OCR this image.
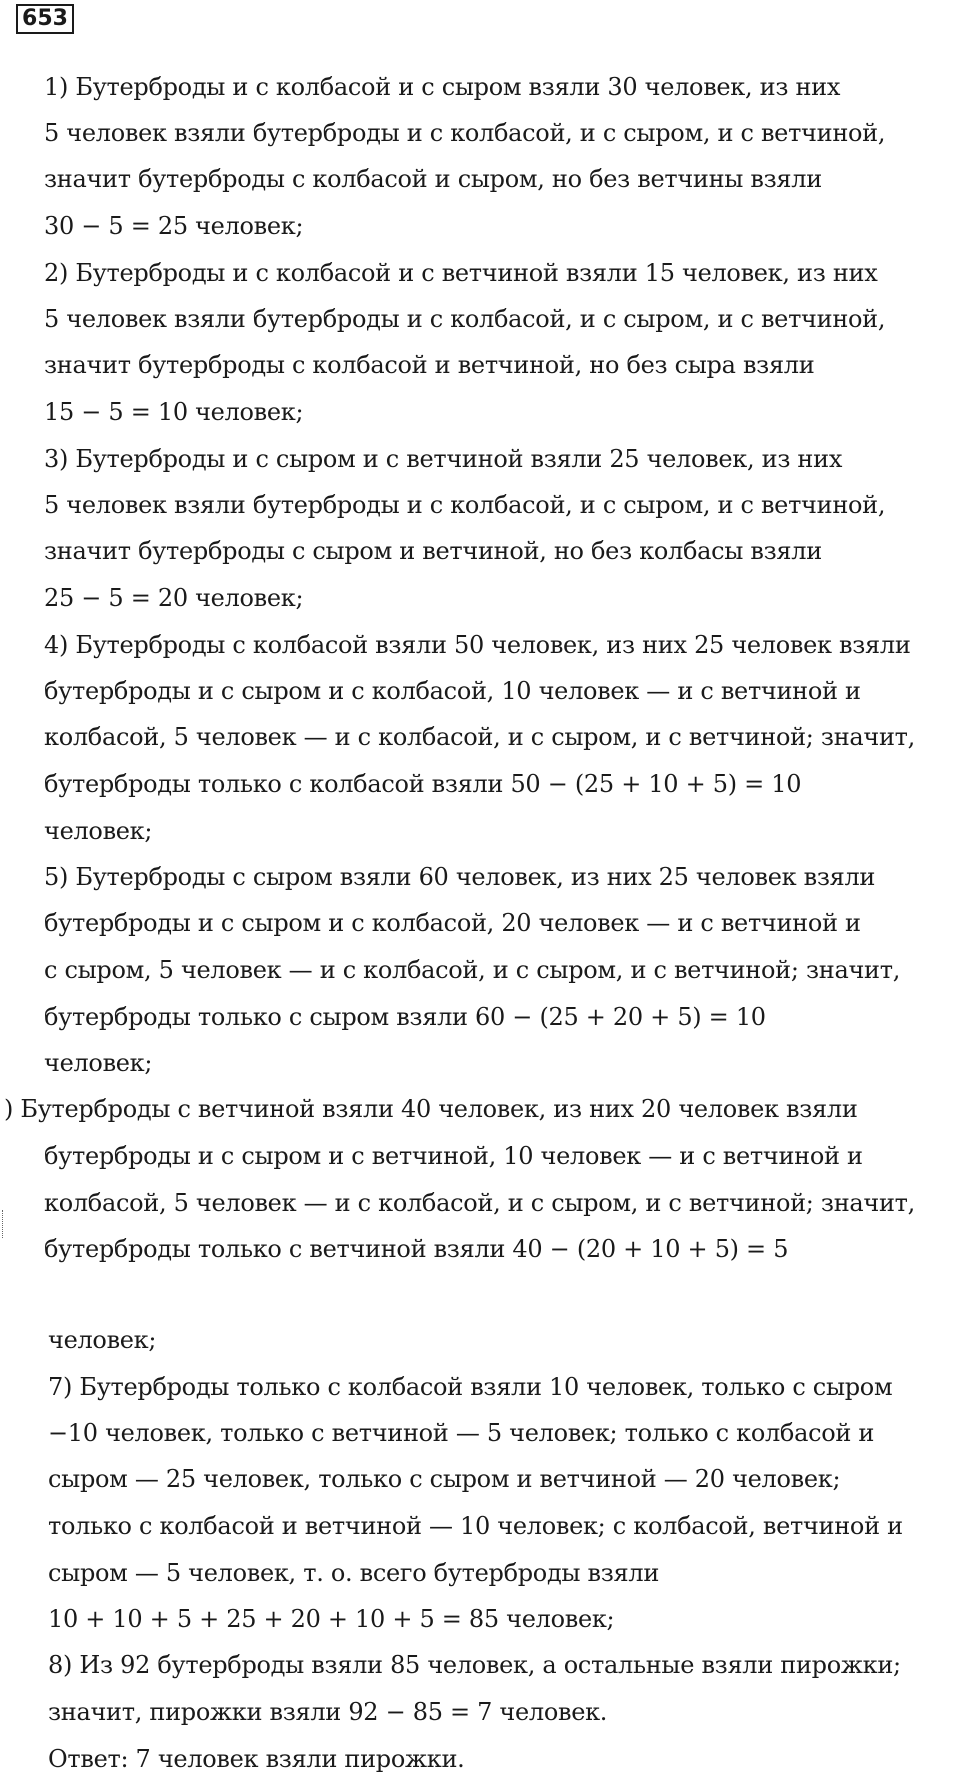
653
1) Бутерброды и с колбасой и с сыром взяли 30 человек, из них
5 человек взяли бутерброды и с колбасой, и с сыром, и с ветчиной,
значит бутерброды с колбасой и сыром, но без ветчины взяли
30 − 5 = 25 человек;
2) Бутерброды и с колбасой и с ветчиной взяли 15 человек, из них
5 человек взяли бутерброды и с колбасой, и с сыром, и с ветчиной,
значит бутерброды с колбасой и ветчиной, но без сыра взяли
15 − 5 = 10 человек;
3) Бутерброды и с сыром и с ветчиной взяли 25 человек, из них
5 человек взяли бутерброды и с колбасой, и с сыром, и с ветчиной,
значит бутерброды с сыром и ветчиной, но без колбасы взяли
25 − 5 = 20 человек;
4) Бутерброды с колбасой взяли 50 человек, из них 25 человек взяли
бутерброды и с сыром и с колбасой, 10 человек — и с ветчиной и
колбасой, 5 человек — и с колбасой, и с сыром, и с ветчиной; значит,
бутерброды только с колбасой взяли 50 − (25 + 10 + 5) = 10
человек;
5) Бутерброды с сыром взяли 60 человек, из них 25 человек взяли
бутерброды и с сыром и с колбасой, 20 человек — и с ветчиной и
с сыром, 5 человек — и с колбасой, и с сыром, и с ветчиной; значит,
бутерброды только с сыром взяли 60 − (25 + 20 + 5) = 10
человек;
) Бутерброды с ветчиной взяли 40 человек, из них 20 человек взяли
бутерброды и с сыром и с ветчиной, 10 человек — и с ветчиной и
колбасой, 5 человек — и с колбасой, и с сыром, и с ветчиной; значит,
бутерброды только с ветчиной взяли 40 − (20 + 10 + 5) = 5
человек;
7) Бутерброды только с колбасой взяли 10 человек, только с сыром
−10 человек, только с ветчиной — 5 человек; только с колбасой и
сыром — 25 человек, только с сыром и ветчиной — 20 человек;
только с колбасой и ветчиной — 10 человек; с колбасой, ветчиной и
сыром — 5 человек, т. о. всего бутерброды взяли
10 + 10 + 5 + 25 + 20 + 10 + 5 = 85 человек;
8) Из 92 бутерброды взяли 85 человек, а остальные взяли пирожки;
значит, пирожки взяли 92 − 85 = 7 человек.
Ответ: 7 человек взяли пирожки.
